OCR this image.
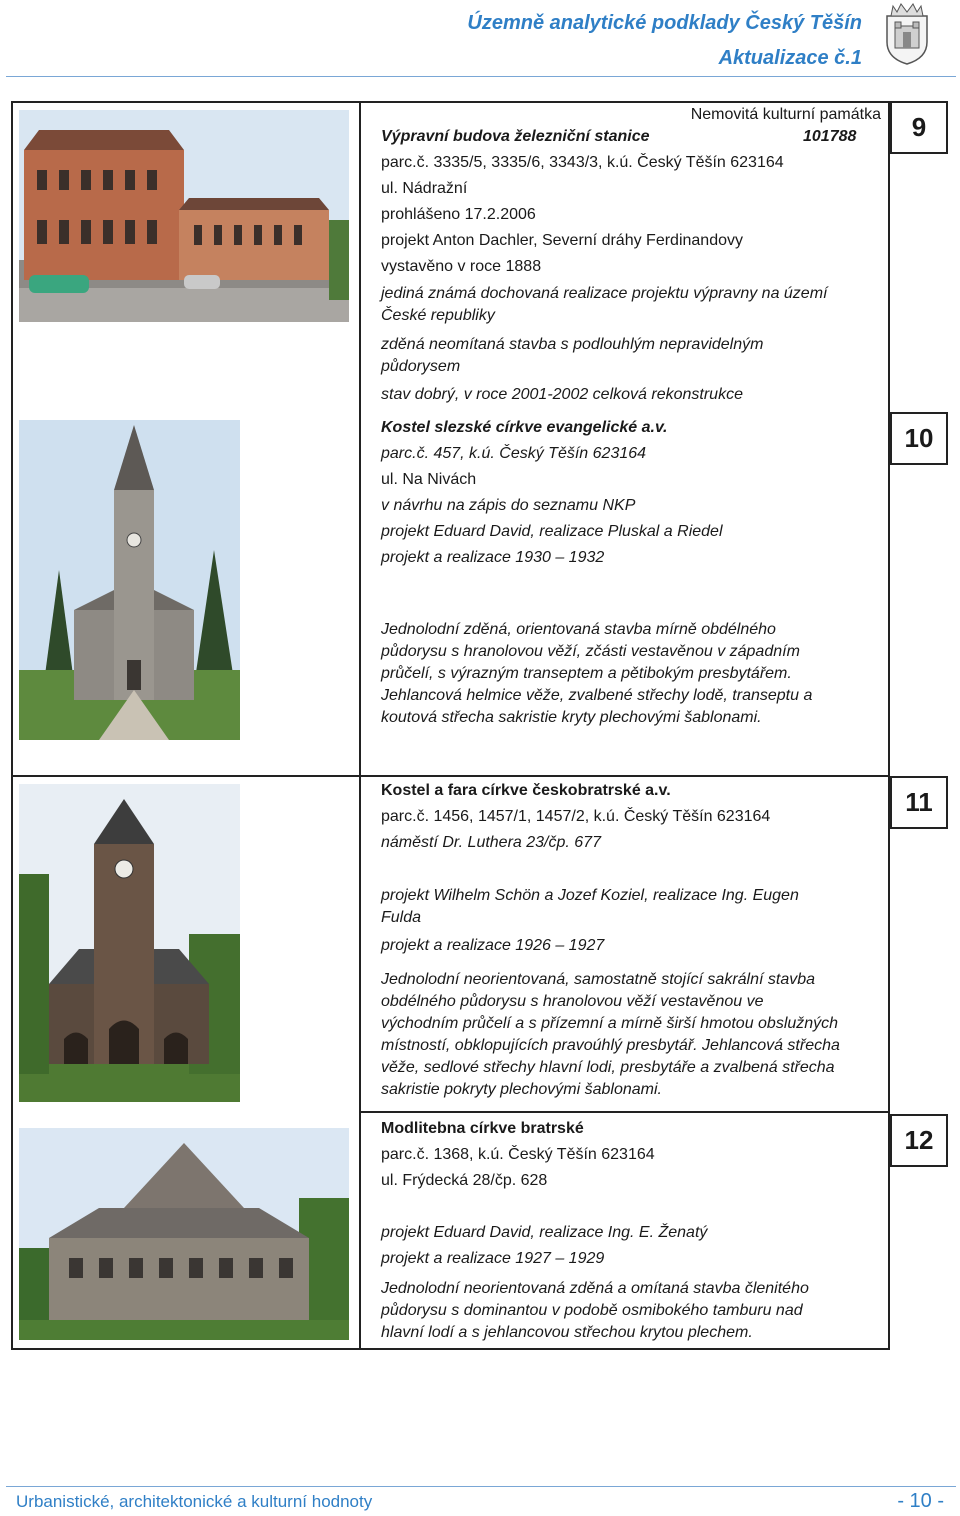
Územně analytické podklady Český Těšín
Aktualizace č.1
Nemovitá kulturní památka
Výpravní budova železniční stanice	101788
parc.č. 3335/5, 3335/6, 3343/3, k.ú. Český Těšín 623164
ul. Nádražní
prohlášeno 17.2.2006
projekt Anton Dachler, Severní dráhy Ferdinandovy
vystavěno v roce 1888
jediná známá dochovaná realizace projektu výpravny na území
České republiky
zděná neomítaná stavba s podlouhlým nepravidelným
půdorysem
stav dobrý, v roce 2001-2002 celková rekonstrukce
9
Kostel slezské církve evangelické a.v.
parc.č. 457, k.ú. Český Těšín 623164
ul. Na Nivách
v návrhu na zápis do seznamu NKP
projekt Eduard David, realizace Pluskal a Riedel
projekt a realizace 1930 – 1932
Jednolodní zděná, orientovaná stavba mírně obdélného
půdorysu s hranolovou věží, zčásti vestavěnou v západním
průčelí, s výrazným transeptem a pětibokým presbytářem.
Jehlancová helmice věže, zvalbené střechy lodě, transeptu a
koutová střecha sakristie kryty plechovými šablonami.
10
Kostel a fara církve českobratrské a.v.
parc.č. 1456, 1457/1, 1457/2, k.ú. Český Těšín 623164
náměstí Dr. Luthera 23/čp. 677
projekt Wilhelm Schön a Jozef Koziel, realizace Ing. Eugen
Fulda
projekt a realizace 1926 – 1927
Jednolodní neorientovaná, samostatně stojící sakrální stavba
obdélného půdorysu s hranolovou věží vestavěnou ve
východním průčelí a s přízemní a mírně širší hmotou obslužných
místností, obklopujících pravoúhlý presbytář. Jehlancová střecha
věže, sedlové střechy hlavní lodi, presbytáře a zvalbená střecha
sakristie pokryty plechovými šablonami.
11
Modlitebna církve bratrské
parc.č. 1368, k.ú. Český Těšín 623164
ul. Frýdecká 28/čp. 628
projekt Eduard David, realizace Ing. E. Ženatý
projekt a realizace 1927 – 1929
Jednolodní neorientovaná zděná a omítaná stavba členitého
půdorysu s dominantou v podobě osmibokého tamburu nad
hlavní lodí a s jehlancovou střechou krytou plechem.
12
Urbanistické, architektonické a kulturní hodnoty	- 10 -
